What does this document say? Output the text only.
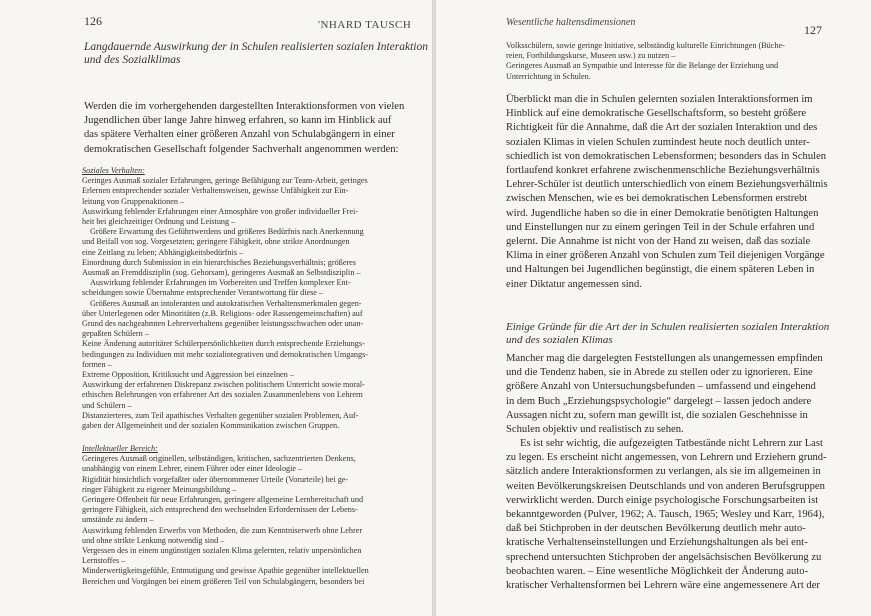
126	'NHARD TAUSCH
Langdauernde Auswirkung der in Schulen realisierten sozialen Interaktion
und des Sozialklimas
Werden die im vorhergehenden dargestellten Interaktionsformen von vielen
Jugendlichen über lange Jahre hinweg erfahren, so kann im Hinblick auf
das spätere Verhalten einer größeren Anzahl von Schulabgängern in einer
demokratischen Gesellschaft folgender Sachverhalt angenommen werden:

Soziales Verhalten:

Geringes Ausmaß sozialer Erfahrungen, geringe Befähigung zur Team-Arbeit, geringes

Erlernen entsprechender sozialer Verhaltensweisen, gewisse Unfähigkeit zur Ein-

leitung von Gruppenaktionen –

Auswirkung fehlender Erfahrungen einer Atmosphäre von großer individueller Frei-

heit bei gleichzeitiger Ordnung und Leistung –

Größere Erwartung des Geführtwerdens und größeres Bedürfnis nach Anerkennung

und Beifall von sog. Vorgesetzten; geringere Fähigkeit, ohne strikte Anordnungen

eine Zeitlang zu leben; Abhängigkeitsbedürfnis –

Einordnung durch Submission in ein hierarchisches Beziehungsverhältnis; größeres

Ausmaß an Fremddisziplin (sog. Gehorsam), geringeres Ausmaß an Selbstdisziplin –

Auswirkung fehlender Erfahrungen im Vorbereiten und Treffen komplexer Ent-

scheidungen sowie Übernahme entsprechender Verantwortung für diese –

Größeres Ausmaß an intoleranten und autokratischen Verhaltensmerkmalen gegen-

über Unterlegenen oder Minoritäten (z.B. Religions- oder Rassengemeinschaften) auf

Grund des nachgeahmten Lehrerverhaltens gegenüber leistungsschwachen oder unan-

gepaßten Schülern –

Keine Änderung autoritärer Schülerpersönlichkeiten durch entsprechende Erziehungs-

bedingungen zu Individuen mit mehr sozialintegrativen und demokratischen Umgangs-

formen –

Extreme Opposition, Kritiksucht und Aggression bei einzelnen –

Auswirkung der erfahrenen Diskrepanz zwischen politischem Unterricht sowie moral-

ethischen Belehrungen von erfahrener Art des sozialen Zusammenlebens von Lehrern

und Schülern –

Distanzierteres, zum Teil apathisches Verhalten gegenüber sozialen Problemen, Auf-

gaben der Allgemeinheit und der sozialen Kommunikation zwischen Gruppen.

Intellektueller Bereich:

Geringeres Ausmaß originellen, selbständigen, kritischen, sachzentrierten Denkens,

unabhängig von einem Lehrer, einem Führer oder einer Ideologie –

Rigidität hinsichtlich vorgefaßter oder übernommener Urteile (Vorurteile) bei ge-

ringer Fähigkeit zu eigener Meinungsbildung –

Geringere Offenheit für neue Erfahrungen, geringere allgemeine Lernbereitschaft und

geringere Fähigkeit, sich entsprechend den wechselnden Erfordernissen der Lebens-

umstände zu ändern –

Auswirkung fehlenden Erwerbs von Methoden, die zum Kenntniserwerb ohne Lehrer

und ohne strikte Lenkung notwendig sind –

Vergessen des in einem ungünstigen sozialen Klima gelernten, relativ unpersönlichen

Lernstoffes –

Minderwertigkeitsgefühle, Entmutigung und gewisse Apathie gegenüber intellektuellen

Bereichen und Vorgängen bei einem größeren Teil von Schulabgängern, besonders bei

Wesentliche haltensdimensionen
127

Volksschülern, sowie geringe Initiative, selbständig kulturelle Einrichtungen (Büche-

reien, Fortbildungskurse, Museen usw.) zu nutzen –

Geringeres Ausmaß an Sympathie und Interesse für die Belange der Erziehung und

Unterrichtung in Schulen.

Überblickt man die in Schulen gelernten sozialen Interaktionsformen im
Hinblick auf eine demokratische Gesellschaftsform, so besteht größere
Richtigkeit für die Annahme, daß die Art der sozialen Interaktion und des
sozialen Klimas in vielen Schulen zumindest heute noch deutlich unter-
schiedlich ist von demokratischen Lebensformen; besonders das in Schulen
fortlaufend konkret erfahrene zwischenmenschliche Beziehungsverhältnis
Lehrer-Schüler ist deutlich unterschiedlich von einem Beziehungsverhältnis
zwischen Menschen, wie es bei demokratischen Lebensformen erstrebt
wird. Jugendliche haben so die in einer Demokratie benötigten Haltungen
und Einstellungen nur zu einem geringen Teil in der Schule erfahren und
gelernt. Die Annahme ist nicht von der Hand zu weisen, daß das soziale
Klima in einer größeren Anzahl von Schulen zum Teil diejenigen Vorgänge
und Haltungen bei Jugendlichen begünstigt, die einem späteren Leben in
einer Diktatur angemessen sind.
Einige Gründe für die Art der in Schulen realisierten sozialen Interaktion
und des sozialen Klimas
Mancher mag die dargelegten Feststellungen als unangemessen empfinden
und die Tendenz haben, sie in Abrede zu stellen oder zu ignorieren. Eine
größere Anzahl von Untersuchungsbefunden – umfassend und eingehend
in dem Buch „Erziehungspsychologie“ dargelegt – lassen jedoch andere
Aussagen nicht zu, sofern man gewillt ist, die sozialen Geschehnisse in
Schulen objektiv und realistisch zu sehen.
Es ist sehr wichtig, die aufgezeigten Tatbestände nicht Lehrern zur Last
zu legen. Es erscheint nicht angemessen, von Lehrern und Erziehern grund-
sätzlich andere Interaktionsformen zu verlangen, als sie im allgemeinen in
weiten Bevölkerungskreisen Deutschlands und von anderen Berufsgruppen
verwirklicht werden. Durch einige psychologische Forschungsarbeiten ist
bekanntgeworden (Pulver, 1962; A. Tausch, 1965; Wesley und Karr, 1964),
daß bei Stichproben in der deutschen Bevölkerung deutlich mehr auto-
kratische Verhaltenseinstellungen und Erziehungshaltungen als bei ent-
sprechend untersuchten Stichproben der angelsächsischen Bevölkerung zu
beobachten waren. – Eine wesentliche Möglichkeit der Änderung auto-
kratischer Verhaltensformen bei Lehrern wäre eine angemessenere Art der
